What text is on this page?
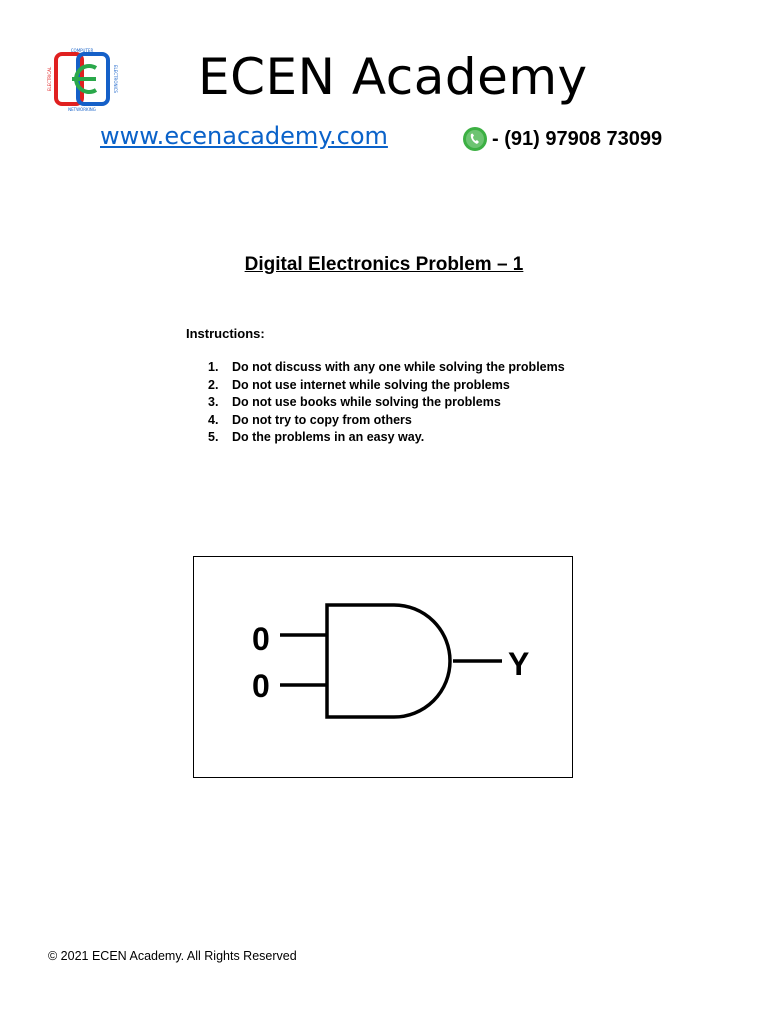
COMPUTER
NETWORKING
ELECTRICAL	ELECTRONICS ECEN Academy
www.ecenacademy.com	- (91) 97908 73099
Digital Electronics Problem – 1
Instructions:
1.	Do not discuss with any one while solving the problems
2.	Do not use internet while solving the problems
3.	Do not use books while solving the problems
4.	Do not try to copy from others
5.	Do the problems in an easy way.
0
0
Y
© 2021 ECEN Academy. All Rights Reserved
